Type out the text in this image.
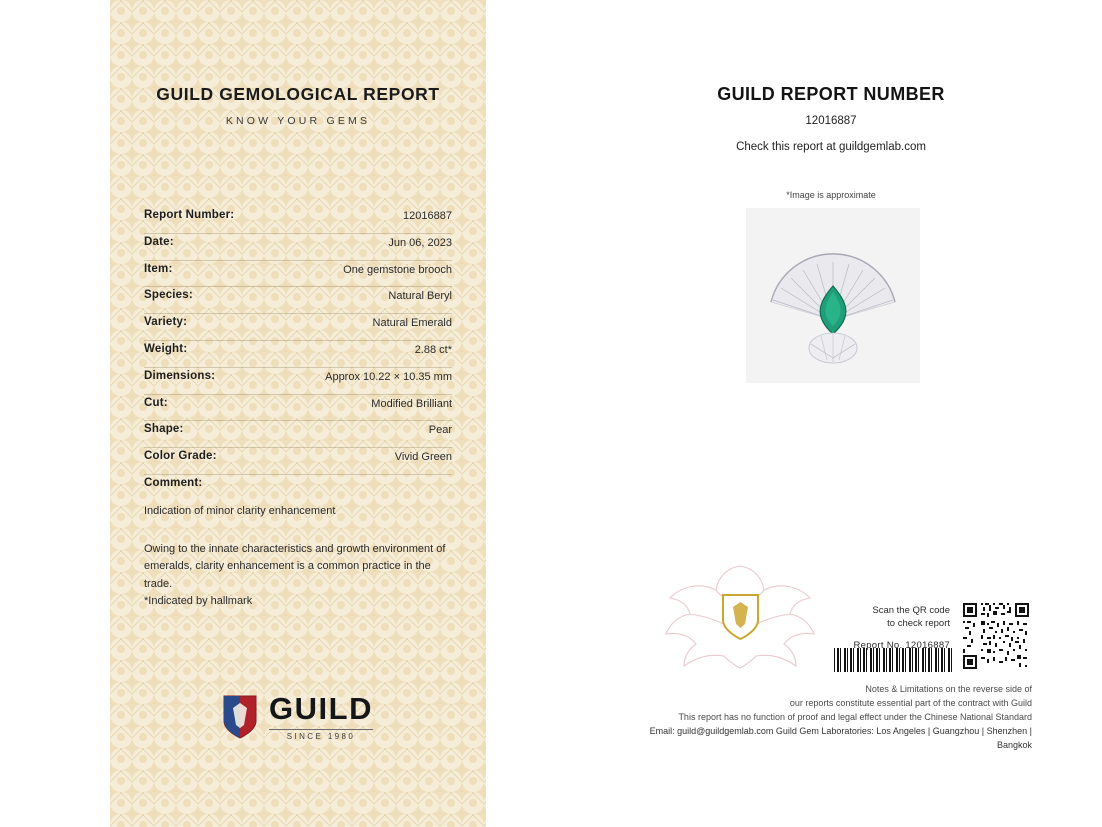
GUILD GEMOLOGICAL REPORT
KNOW YOUR GEMS
Report Number:	12016887
Date:	Jun 06, 2023
Item:	One gemstone brooch
Species:	Natural Beryl
Variety:	Natural Emerald
Weight:	2.88 ct*
Dimensions:	Approx 10.22 × 10.35 mm
Cut:	Modified Brilliant
Shape:	Pear
Color Grade:	Vivid Green
Comment:
Indication of minor clarity enhancement
Owing to the innate characteristics and growth environment of emeralds, clarity enhancement is a common practice in the trade.
*Indicated by hallmark
GUILD
SINCE 1980
GUILD REPORT NUMBER
12016887
Check this report at guildgemlab.com
*Image is approximate
Scan the QR code
to check report
Report No. 12016887
Notes & Limitations on the reverse side of
our reports constitute essential part of the contract with Guild
This report has no function of proof and legal effect under the Chinese National Standard
Email: guild@guildgemlab.com Guild Gem Laboratories: Los Angeles | Guangzhou | Shenzhen | Bangkok
